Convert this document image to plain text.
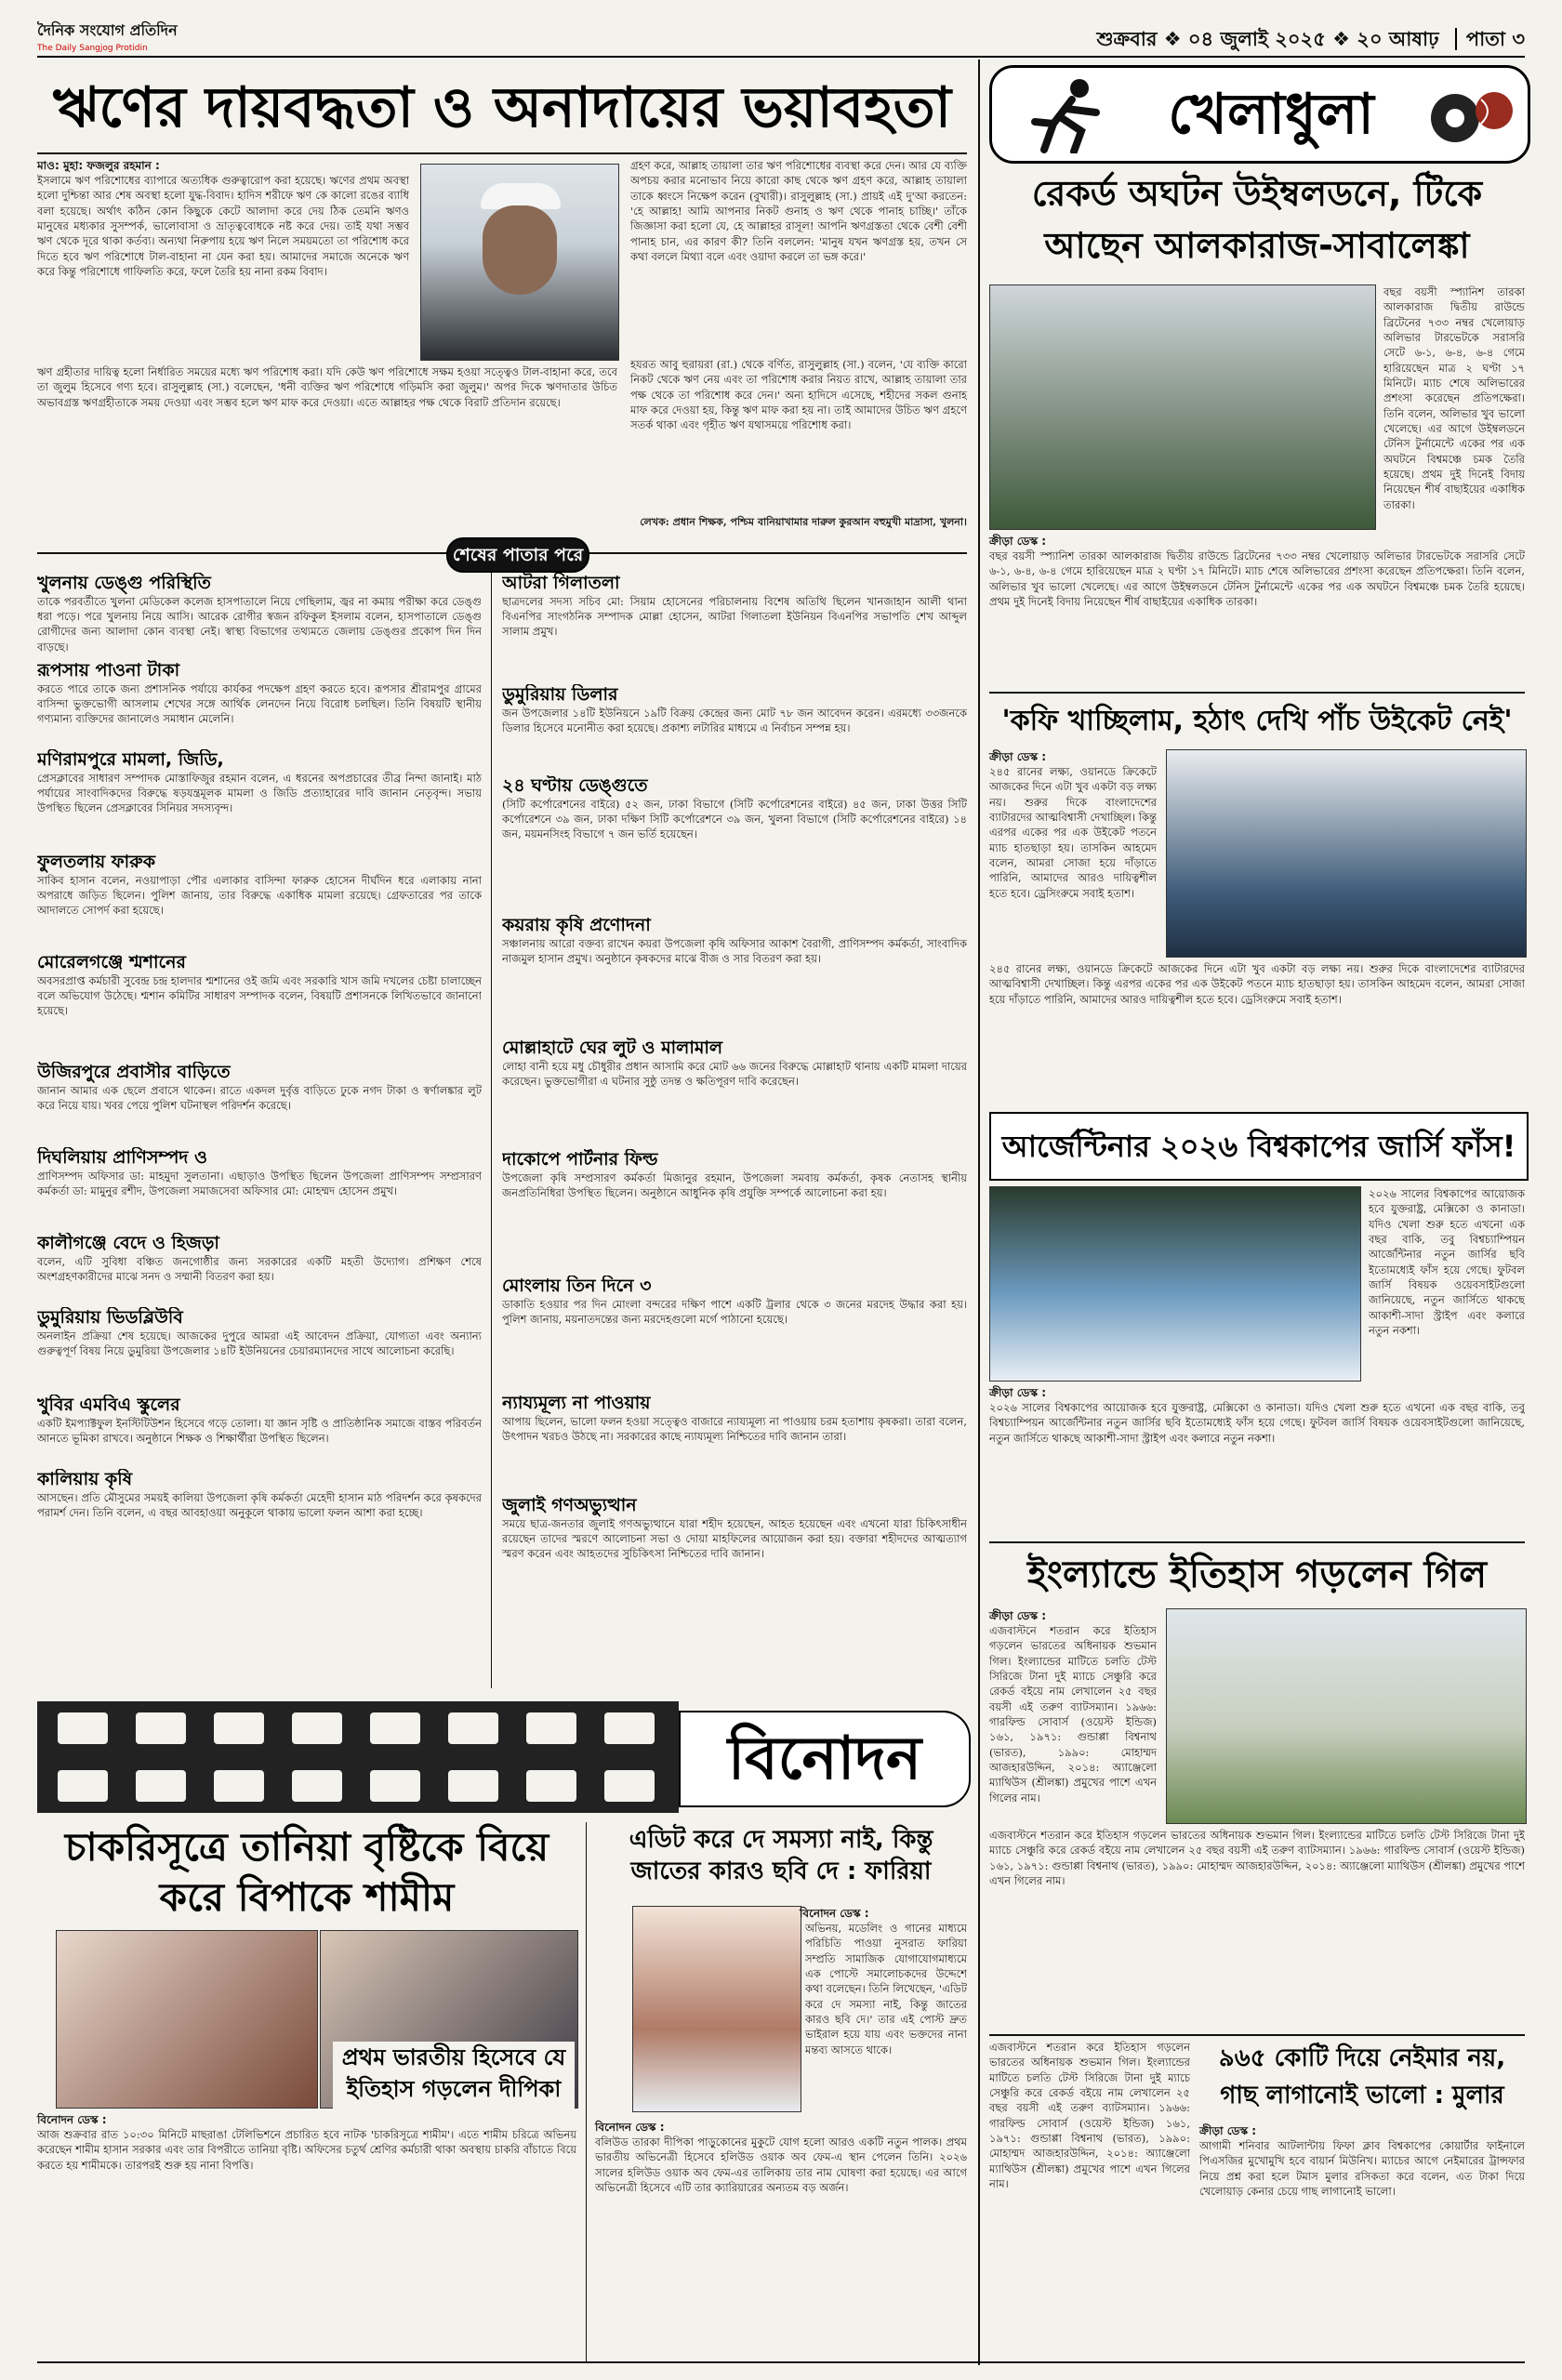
দৈনিক সংযোগ প্রতিদিন
The Daily Sangjog Protidin	শুক্রবার ❖ ০৪ জুলাই ২০২৫ ❖ ২০ আষাঢ় পাতা ৩
ঋণের দায়বদ্ধতা ও অনাদায়ের ভয়াবহতা
মাও: মুহা: ফজলুর রহমান :
ইসলামে ঋণ পরিশোধের ব্যাপারে অত্যধিক গুরুত্বারোপ করা হয়েছে। ঋণের প্রথম অবস্থা হলো দুশ্চিন্তা আর শেষ অবস্থা হলো যুদ্ধ-বিবাদ। হাদিস শরীফে ঋণ কে কালো রঙের ব্যাধি বলা হয়েছে। অর্থাৎ কঠিন কোন কিছুকে কেটে আলাদা করে দেয় ঠিক তেমনি ঋণও মানুষের মধ্যকার সুসম্পর্ক, ভালোবাসা ও ভ্রাতৃত্ববোধকে নষ্ট করে দেয়। তাই যথা সম্ভব ঋণ থেকে দূরে থাকা কর্তব্য। অন্যথা নিরুপায় হয়ে ঋণ নিলে সময়মতো তা পরিশোধ করে দিতে হবে ঋণ পরিশোধে টাল-বাহানা না যেন করা হয়। আমাদের সমাজে অনেকে ঋণ করে কিন্তু পরিশোধে গাফিলতি করে, ফলে তৈরি হয় নানা রকম বিবাদ।
ঋণ গ্রহীতার দায়িত্ব হলো নির্ধারিত সময়ের মধ্যে ঋণ পরিশোধ করা। যদি কেউ ঋণ পরিশোধে সক্ষম হওয়া সত্ত্বেও টাল-বাহানা করে, তবে তা জুলুম হিসেবে গণ্য হবে। রাসুলুল্লাহ (সা.) বলেছেন, 'ধনী ব্যক্তির ঋণ পরিশোধে গড়িমসি করা জুলুম।' অপর দিকে ঋণদাতার উচিত অভাবগ্রস্ত ঋণগ্রহীতাকে সময় দেওয়া এবং সম্ভব হলে ঋণ মাফ করে দেওয়া। এতে আল্লাহর পক্ষ থেকে বিরাট প্রতিদান রয়েছে।
গ্রহণ করে, আল্লাহ তায়ালা তার ঋণ পরিশোধের ব্যবস্থা করে দেন। আর যে ব্যক্তি অপচয় করার মনোভাব নিয়ে কারো কাছ থেকে ঋণ গ্রহণ করে, আল্লাহ তায়ালা তাকে ধ্বংসে নিক্ষেপ করেন (বুখারী)। রাসুলুল্লাহ (সা.) প্রায়ই এই দু'আ করতেন: 'হে আল্লাহ! আমি আপনার নিকট গুনাহ ও ঋণ থেকে পানাহ চাচ্ছি।' তাঁকে জিজ্ঞাসা করা হলো যে, হে আল্লাহর রাসূল! আপনি ঋণগ্রস্ততা থেকে বেশী বেশী পানাহ চান, এর কারণ কী? তিনি বললেন: 'মানুষ যখন ঋণগ্রস্ত হয়, তখন সে কথা বললে মিথ্যা বলে এবং ওয়াদা করলে তা ভঙ্গ করে।'
হযরত আবু হুরায়রা (রা.) থেকে বর্ণিত, রাসুলুল্লাহ (সা.) বলেন, 'যে ব্যক্তি কারো নিকট থেকে ঋণ নেয় এবং তা পরিশোধ করার নিয়ত রাখে, আল্লাহ তায়ালা তার পক্ষ থেকে তা পরিশোধ করে দেন।' অন্য হাদিসে এসেছে, শহীদের সকল গুনাহ মাফ করে দেওয়া হয়, কিন্তু ঋণ মাফ করা হয় না। তাই আমাদের উচিত ঋণ গ্রহণে সতর্ক থাকা এবং গৃহীত ঋণ যথাসময়ে পরিশোধ করা।
লেখক: প্রধান শিক্ষক, পশ্চিম বানিয়াখামার দারুল কুরআন বহুমুখী মাদ্রাসা, খুলনা।
শেষের পাতার পরে
খুলনায় ডেঙ্গু পরিস্থিতি
তাকে পরবর্তীতে খুলনা মেডিকেল কলেজ হাসপাতালে নিয়ে গেছিলাম, জ্বর না কমায় পরীক্ষা করে ডেঙ্গু ধরা পড়ে। পরে খুলনায় নিয়ে আসি। আরেক রোগীর স্বজন রফিকুল ইসলাম বলেন, হাসপাতালে ডেঙ্গু রোগীদের জন্য আলাদা কোন ব্যবস্থা নেই। স্বাস্থ্য বিভাগের তথ্যমতে জেলায় ডেঙ্গুর প্রকোপ দিন দিন বাড়ছে।
রূপসায় পাওনা টাকা
করতে পারে তাকে জন্য প্রশাসনিক পর্যায়ে কার্যকর পদক্ষেপ গ্রহণ করতে হবে। রূপসার শ্রীরামপুর গ্রামের বাসিন্দা ভুক্তভোগী আসলাম শেখের সঙ্গে আর্থিক লেনদেন নিয়ে বিরোধ চলছিল। তিনি বিষয়টি স্থানীয় গণ্যমান্য ব্যক্তিদের জানালেও সমাধান মেলেনি।
মণিরামপুরে মামলা, জিডি,
প্রেসক্লাবের সাধারণ সম্পাদক মোস্তাফিজুর রহমান বলেন, এ ধরনের অপপ্রচারের তীব্র নিন্দা জানাই। মাঠ পর্যায়ের সাংবাদিকদের বিরুদ্ধে ষড়যন্ত্রমূলক মামলা ও জিডি প্রত্যাহারের দাবি জানান নেতৃবৃন্দ। সভায় উপস্থিত ছিলেন প্রেসক্লাবের সিনিয়র সদস্যবৃন্দ।
ফুলতলায় ফারুক
সাকিব হাসান বলেন, নওয়াপাড়া পৌর এলাকার বাসিন্দা ফারুক হোসেন দীর্ঘদিন ধরে এলাকায় নানা অপরাধে জড়িত ছিলেন। পুলিশ জানায়, তার বিরুদ্ধে একাধিক মামলা রয়েছে। গ্রেফতারের পর তাকে আদালতে সোপর্দ করা হয়েছে।
মোরেলগঞ্জে শ্মশানের
অবসরপ্রাপ্ত কর্মচারী সুবেন্দ্র চন্দ্র হালদার শ্মশানের ওই জমি এবং সরকারি খাস জমি দখলের চেষ্টা চালাচ্ছেন বলে অভিযোগ উঠেছে। শ্মশান কমিটির সাধারণ সম্পাদক বলেন, বিষয়টি প্রশাসনকে লিখিতভাবে জানানো হয়েছে।
উজিরপুরে প্রবাসীর বাড়িতে
জানান আমার এক ছেলে প্রবাসে থাকেন। রাতে একদল দুর্বৃত্ত বাড়িতে ঢুকে নগদ টাকা ও স্বর্ণালঙ্কার লুট করে নিয়ে যায়। খবর পেয়ে পুলিশ ঘটনাস্থল পরিদর্শন করেছে।
দিঘলিয়ায় প্রাণিসম্পদ ও
প্রাণিসম্পদ অফিসার ডা: মাহমুদা সুলতানা। এছাড়াও উপস্থিত ছিলেন উপজেলা প্রাণিসম্পদ সম্প্রসারণ কর্মকর্তা ডা: মামুনুর রশীদ, উপজেলা সমাজসেবা অফিসার মো: মোহম্মদ হোসেন প্রমুখ।
কালীগঞ্জে বেদে ও হিজড়া
বলেন, এটি সুবিধা বঞ্চিত জনগোষ্ঠীর জন্য সরকারের একটি মহতী উদ্যোগ। প্রশিক্ষণ শেষে অংশগ্রহণকারীদের মাঝে সনদ ও সম্মানী বিতরণ করা হয়।
ডুমুরিয়ায় ভিডব্লিউবি
অনলাইন প্রক্রিয়া শেষ হয়েছে। আজকের দুপুরে আমরা এই আবেদন প্রক্রিয়া, যোগ্যতা এবং অন্যান্য গুরুত্বপূর্ণ বিষয় নিয়ে ডুমুরিয়া উপজেলার ১৪টি ইউনিয়নের চেয়ারম্যানদের সাথে আলোচনা করেছি।
খুবির এমবিএ স্কুলের
একটি ইমপ্যাক্টফুল ইনস্টিটিউশন হিসেবে গড়ে তোলা। যা জ্ঞান সৃষ্টি ও প্রাতিষ্ঠানিক সমাজে বাস্তব পরিবর্তন আনতে ভূমিকা রাখবে। অনুষ্ঠানে শিক্ষক ও শিক্ষার্থীরা উপস্থিত ছিলেন।
কালিয়ায় কৃষি
আসছেন। প্রতি মৌসুমের সময়ই কালিয়া উপজেলা কৃষি কর্মকর্তা মেহেদী হাসান মাঠ পরিদর্শন করে কৃষকদের পরামর্শ দেন। তিনি বলেন, এ বছর আবহাওয়া অনুকূলে থাকায় ভালো ফলন আশা করা হচ্ছে।
আটরা গিলাতলা
ছাত্রদলের সদস্য সচিব মো: সিয়াম হোসেনের পরিচালনায় বিশেষ অতিথি ছিলেন খানজাহান আলী থানা বিএনপির সাংগঠনিক সম্পাদক মোল্লা হোসেন, আটরা গিলাতলা ইউনিয়ন বিএনপির সভাপতি শেখ আব্দুল সালাম প্রমুখ।
ডুমুরিয়ায় ডিলার
জন উপজেলার ১৪টি ইউনিয়নে ১৯টি বিক্রয় কেন্দ্রের জন্য মোট ৭৮ জন আবেদন করেন। এরমধ্যে ৩৩জনকে ডিলার হিসেবে মনোনীত করা হয়েছে। প্রকাশ্য লটারির মাধ্যমে এ নির্বাচন সম্পন্ন হয়।
২৪ ঘণ্টায় ডেঙ্গুতে
(সিটি কর্পোরেশনের বাইরে) ৫২ জন, ঢাকা বিভাগে (সিটি কর্পোরেশনের বাইরে) ৪৫ জন, ঢাকা উত্তর সিটি কর্পোরেশনে ৩৯ জন, ঢাকা দক্ষিণ সিটি কর্পোরেশনে ৩৯ জন, খুলনা বিভাগে (সিটি কর্পোরেশনের বাইরে) ১৪ জন, ময়মনসিংহ বিভাগে ৭ জন ভর্তি হয়েছেন।
কয়রায় কৃষি প্রণোদনা
সঞ্চালনায় আরো বক্তব্য রাখেন কয়রা উপজেলা কৃষি অফিসার আকাশ বৈরাগী, প্রাণিসম্পদ কর্মকর্তা, সাংবাদিক নাজমুল হাসান প্রমুখ। অনুষ্ঠানে কৃষকদের মাঝে বীজ ও সার বিতরণ করা হয়।
মোল্লাহাটে ঘের লুট ও মালামাল
লোহা বানী হয়ে মধু চৌধুরীর প্রধান আসামি করে মোট ৬৬ জনের বিরুদ্ধে মোল্লাহাট থানায় একটি মামলা দায়ের করেছেন। ভুক্তভোগীরা এ ঘটনার সুষ্ঠু তদন্ত ও ক্ষতিপূরণ দাবি করেছেন।
দাকোপে পার্টনার ফিল্ড
উপজেলা কৃষি সম্প্রসারণ কর্মকর্তা মিজানুর রহমান, উপজেলা সমবায় কর্মকর্তা, কৃষক নেতাসহ স্থানীয় জনপ্রতিনিধিরা উপস্থিত ছিলেন। অনুষ্ঠানে আধুনিক কৃষি প্রযুক্তি সম্পর্কে আলোচনা করা হয়।
মোংলায় তিন দিনে ৩
ডাকাতি হওয়ার পর দিন মোংলা বন্দরের দক্ষিণ পাশে একটি ট্রলার থেকে ৩ জনের মরদেহ উদ্ধার করা হয়। পুলিশ জানায়, ময়নাতদন্তের জন্য মরদেহগুলো মর্গে পাঠানো হয়েছে।
ন্যায্যমূল্য না পাওয়ায়
আপায় ছিলেন, ভালো ফলন হওয়া সত্ত্বেও বাজারে ন্যায্যমূল্য না পাওয়ায় চরম হতাশায় কৃষকরা। তারা বলেন, উৎপাদন খরচও উঠছে না। সরকারের কাছে ন্যায্যমূল্য নিশ্চিতের দাবি জানান তারা।
জুলাই গণঅভ্যুত্থান
সময়ে ছাত্র-জনতার জুলাই গণঅভ্যুত্থানে যারা শহীদ হয়েছেন, আহত হয়েছেন এবং এখনো যারা চিকিৎসাধীন রয়েছেন তাদের স্মরণে আলোচনা সভা ও দোয়া মাহফিলের আয়োজন করা হয়। বক্তারা শহীদদের আত্মত্যাগ স্মরণ করেন এবং আহতদের সুচিকিৎসা নিশ্চিতের দাবি জানান।
বিনোদন
চাকরিসূত্রে তানিয়া বৃষ্টিকে বিয়ে করে বিপাকে শামীম
বিনোদন ডেস্ক :
আজ শুক্রবার রাত ১০:৩০ মিনিটে মাছরাঙা টেলিভিশনে প্রচারিত হবে নাটক 'চাকরিসূত্রে শামীম'। এতে শামীম চরিত্রে অভিনয় করেছেন শামীম হাসান সরকার এবং তার বিপরীতে তানিয়া বৃষ্টি। অফিসের চতুর্থ শ্রেণির কর্মচারী থাকা অবস্থায় চাকরি বাঁচাতে বিয়ে করতে হয় শামীমকে। তারপরই শুরু হয় নানা বিপত্তি।
এডিট করে দে সমস্যা নাই, কিন্তু জাতের কারও ছবি দে : ফারিয়া
বিনোদন ডেস্ক :
অভিনয়, মডেলিং ও গানের মাধ্যমে পরিচিতি পাওয়া নুসরাত ফারিয়া সম্প্রতি সামাজিক যোগাযোগমাধ্যমে এক পোস্টে সমালোচকদের উদ্দেশে কথা বলেছেন। তিনি লিখেছেন, 'এডিট করে দে সমস্যা নাই, কিন্তু জাতের কারও ছবি দে।' তার এই পোস্ট দ্রুত ভাইরাল হয়ে যায় এবং ভক্তদের নানা মন্তব্য আসতে থাকে।
প্রথম ভারতীয় হিসেবে যে ইতিহাস গড়লেন দীপিকা
বিনোদন ডেস্ক :
বলিউড তারকা দীপিকা পাড়ুকোনের মুকুটে যোগ হলো আরও একটি নতুন পালক। প্রথম ভারতীয় অভিনেত্রী হিসেবে হলিউড ওয়াক অব ফেম-এ স্থান পেলেন তিনি। ২০২৬ সালের হলিউড ওয়াক অব ফেম-এর তালিকায় তার নাম ঘোষণা করা হয়েছে। এর আগে অভিনেত্রী হিসেবে এটি তার ক্যারিয়ারের অন্যতম বড় অর্জন।
খেলাধুলা
রেকর্ড অঘটন উইম্বলডনে, টিকে আছেন আলকারাজ-সাবালেঙ্কা
বছর বয়সী স্প্যানিশ তারকা আলকারাজ দ্বিতীয় রাউন্ডে ব্রিটেনের ৭৩৩ নম্বর খেলোয়াড় অলিভার টারভেটকে সরাসরি সেটে ৬-১, ৬-৪, ৬-৪ গেমে হারিয়েছেন মাত্র ২ ঘণ্টা ১৭ মিনিটে। ম্যাচ শেষে অলিভারের প্রশংসা করেছেন প্রতিপক্ষেরা। তিনি বলেন, অলিভার খুব ভালো খেলেছে। এর আগে উইম্বলডনে টেনিস টুর্নামেন্টে একের পর এক অঘটনে বিশ্বমঞ্চে চমক তৈরি হয়েছে। প্রথম দুই দিনেই বিদায় নিয়েছেন শীর্ষ বাছাইয়ের একাধিক তারকা।
ক্রীড়া ডেস্ক :
বছর বয়সী স্প্যানিশ তারকা আলকারাজ দ্বিতীয় রাউন্ডে ব্রিটেনের ৭৩৩ নম্বর খেলোয়াড় অলিভার টারভেটকে সরাসরি সেটে ৬-১, ৬-৪, ৬-৪ গেমে হারিয়েছেন মাত্র ২ ঘণ্টা ১৭ মিনিটে। ম্যাচ শেষে অলিভারের প্রশংসা করেছেন প্রতিপক্ষেরা। তিনি বলেন, অলিভার খুব ভালো খেলেছে। এর আগে উইম্বলডনে টেনিস টুর্নামেন্টে একের পর এক অঘটনে বিশ্বমঞ্চে চমক তৈরি হয়েছে। প্রথম দুই দিনেই বিদায় নিয়েছেন শীর্ষ বাছাইয়ের একাধিক তারকা।
'কফি খাচ্ছিলাম, হঠাৎ দেখি পাঁচ উইকেট নেই'
ক্রীড়া ডেস্ক :
২৪৫ রানের লক্ষ্য, ওয়ানডে ক্রিকেটে আজকের দিনে এটা খুব একটা বড় লক্ষ্য নয়। শুরুর দিকে বাংলাদেশের ব্যাটারদের আত্মবিশ্বাসী দেখাচ্ছিল। কিন্তু এরপর একের পর এক উইকেট পতনে ম্যাচ হাতছাড়া হয়। তাসকিন আহমেদ বলেন, আমরা সোজা হয়ে দাঁড়াতে পারিনি, আমাদের আরও দায়িত্বশীল হতে হবে। ড্রেসিংরুমে সবাই হতাশ।
২৪৫ রানের লক্ষ্য, ওয়ানডে ক্রিকেটে আজকের দিনে এটা খুব একটা বড় লক্ষ্য নয়। শুরুর দিকে বাংলাদেশের ব্যাটারদের আত্মবিশ্বাসী দেখাচ্ছিল। কিন্তু এরপর একের পর এক উইকেট পতনে ম্যাচ হাতছাড়া হয়। তাসকিন আহমেদ বলেন, আমরা সোজা হয়ে দাঁড়াতে পারিনি, আমাদের আরও দায়িত্বশীল হতে হবে। ড্রেসিংরুমে সবাই হতাশ।
আর্জেন্টিনার ২০২৬ বিশ্বকাপের জার্সি ফাঁস!
২০২৬ সালের বিশ্বকাপের আয়োজক হবে যুক্তরাষ্ট্র, মেক্সিকো ও কানাডা। যদিও খেলা শুরু হতে এখনো এক বছর বাকি, তবু বিশ্বচ্যাম্পিয়ন আর্জেন্টিনার নতুন জার্সির ছবি ইতোমধ্যেই ফাঁস হয়ে গেছে। ফুটবল জার্সি বিষয়ক ওয়েবসাইটগুলো জানিয়েছে, নতুন জার্সিতে থাকছে আকাশী-সাদা স্ট্রাইপ এবং কলারে নতুন নকশা।
ক্রীড়া ডেস্ক :
২০২৬ সালের বিশ্বকাপের আয়োজক হবে যুক্তরাষ্ট্র, মেক্সিকো ও কানাডা। যদিও খেলা শুরু হতে এখনো এক বছর বাকি, তবু বিশ্বচ্যাম্পিয়ন আর্জেন্টিনার নতুন জার্সির ছবি ইতোমধ্যেই ফাঁস হয়ে গেছে। ফুটবল জার্সি বিষয়ক ওয়েবসাইটগুলো জানিয়েছে, নতুন জার্সিতে থাকছে আকাশী-সাদা স্ট্রাইপ এবং কলারে নতুন নকশা।
ইংল্যান্ডে ইতিহাস গড়লেন গিল
ক্রীড়া ডেস্ক :
এজবাস্টনে শতরান করে ইতিহাস গড়লেন ভারতের অধিনায়ক শুভমান গিল। ইংল্যান্ডের মাটিতে চলতি টেস্ট সিরিজে টানা দুই ম্যাচে সেঞ্চুরি করে রেকর্ড বইয়ে নাম লেখালেন ২৫ বছর বয়সী এই তরুণ ব্যাটসম্যান। ১৯৬৬: গারফিল্ড সোবার্স (ওয়েস্ট ইন্ডিজ) ১৬১, ১৯৭১: গুন্ডাপ্পা বিশ্বনাথ (ভারত), ১৯৯০: মোহাম্মদ আজহারউদ্দিন, ২০১৪: অ্যাঞ্জেলো ম্যাথিউস (শ্রীলঙ্কা) প্রমুখের পাশে এখন গিলের নাম।
এজবাস্টনে শতরান করে ইতিহাস গড়লেন ভারতের অধিনায়ক শুভমান গিল। ইংল্যান্ডের মাটিতে চলতি টেস্ট সিরিজে টানা দুই ম্যাচে সেঞ্চুরি করে রেকর্ড বইয়ে নাম লেখালেন ২৫ বছর বয়সী এই তরুণ ব্যাটসম্যান। ১৯৬৬: গারফিল্ড সোবার্স (ওয়েস্ট ইন্ডিজ) ১৬১, ১৯৭১: গুন্ডাপ্পা বিশ্বনাথ (ভারত), ১৯৯০: মোহাম্মদ আজহারউদ্দিন, ২০১৪: অ্যাঞ্জেলো ম্যাথিউস (শ্রীলঙ্কা) প্রমুখের পাশে এখন গিলের নাম।
৯৬৫ কোটি দিয়ে নেইমার নয়, গাছ লাগানোই ভালো : মুলার
ক্রীড়া ডেস্ক :
আগামী শনিবার আটলান্টায় ফিফা ক্লাব বিশ্বকাপের কোয়ার্টার ফাইনালে পিএসজির মুখোমুখি হবে বায়ার্ন মিউনিখ। ম্যাচের আগে নেইমারের ট্রান্সফার নিয়ে প্রশ্ন করা হলে টমাস মুলার রসিকতা করে বলেন, এত টাকা দিয়ে খেলোয়াড় কেনার চেয়ে গাছ লাগানোই ভালো।
এজবাস্টনে শতরান করে ইতিহাস গড়লেন ভারতের অধিনায়ক শুভমান গিল। ইংল্যান্ডের মাটিতে চলতি টেস্ট সিরিজে টানা দুই ম্যাচে সেঞ্চুরি করে রেকর্ড বইয়ে নাম লেখালেন ২৫ বছর বয়সী এই তরুণ ব্যাটসম্যান। ১৯৬৬: গারফিল্ড সোবার্স (ওয়েস্ট ইন্ডিজ) ১৬১, ১৯৭১: গুন্ডাপ্পা বিশ্বনাথ (ভারত), ১৯৯০: মোহাম্মদ আজহারউদ্দিন, ২০১৪: অ্যাঞ্জেলো ম্যাথিউস (শ্রীলঙ্কা) প্রমুখের পাশে এখন গিলের নাম।
